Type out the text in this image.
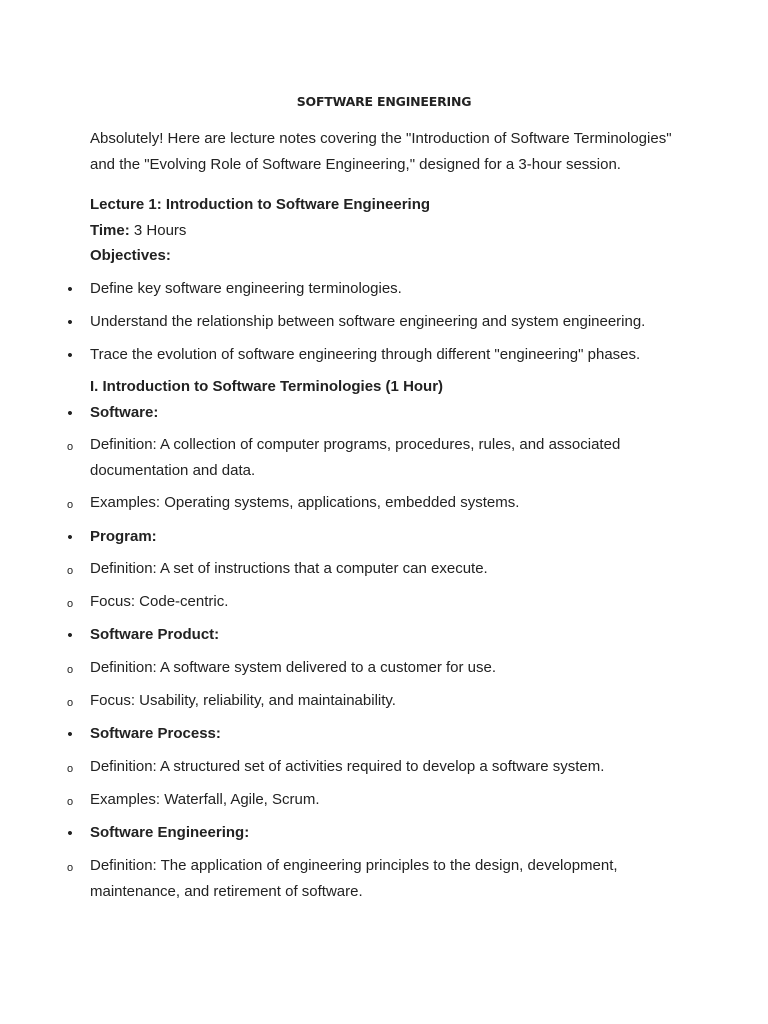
SOFTWARE ENGINEERING
Absolutely! Here are lecture notes covering the "Introduction of Software Terminologies"
and the "Evolving Role of Software Engineering," designed for a 3-hour session.
Lecture 1: Introduction to Software Engineering
Time: 3 Hours
Objectives:
• Define key software engineering terminologies.
• Understand the relationship between software engineering and system engineering.
• Trace the evolution of software engineering through different "engineering" phases.
I. Introduction to Software Terminologies (1 Hour)
• Software:
o Definition: A collection of computer programs, procedures, rules, and associated
documentation and data.
o Examples: Operating systems, applications, embedded systems.
• Program:
o Definition: A set of instructions that a computer can execute.
o Focus: Code-centric.
• Software Product:
o Definition: A software system delivered to a customer for use.
o Focus: Usability, reliability, and maintainability.
• Software Process:
o Definition: A structured set of activities required to develop a software system.
o Examples: Waterfall, Agile, Scrum.
• Software Engineering:
o Definition: The application of engineering principles to the design, development,
maintenance, and retirement of software.
